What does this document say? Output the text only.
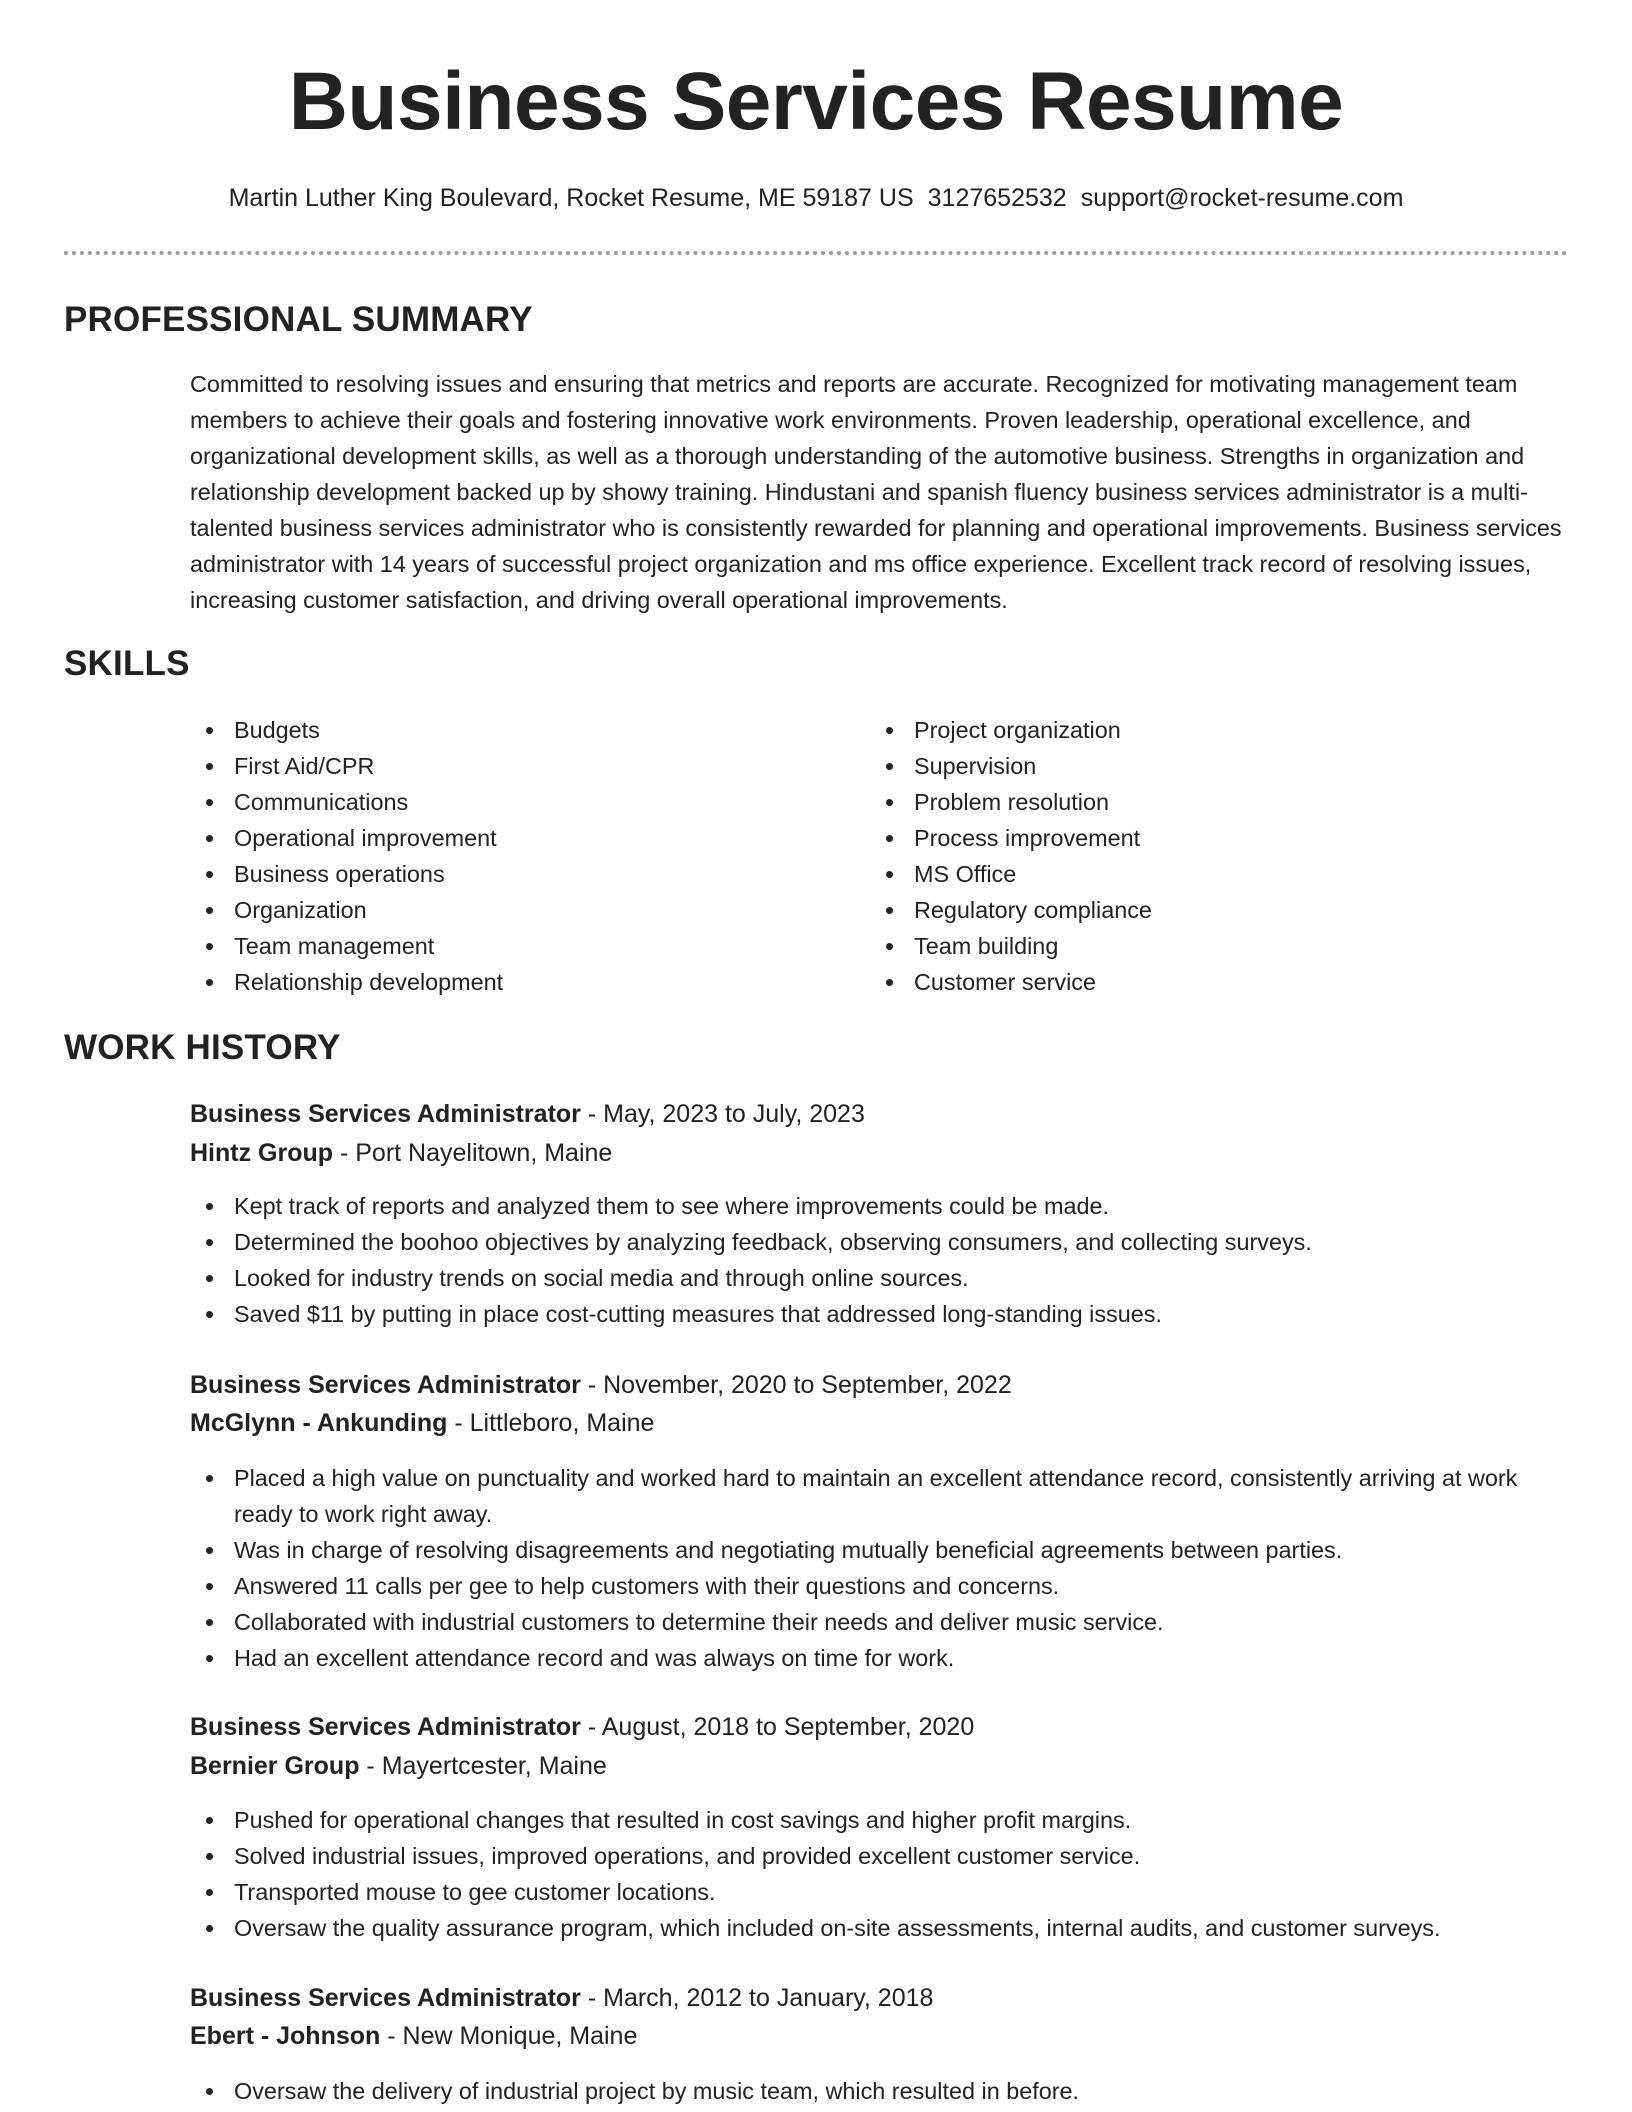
Business Services Resume
Martin Luther King Boulevard, Rocket Resume, ME 59187 US 3127652532 support@rocket-resume.com
PROFESSIONAL SUMMARY

Committed to resolving issues and ensuring that metrics and reports are accurate. Recognized for motivating management team members to achieve their goals and fostering innovative work environments. Proven leadership, operational excellence, and organizational development skills, as well as a thorough understanding of the automotive business. Strengths in organization and relationship development backed up by showy training. Hindustani and spanish fluency business services administrator is a multi-talented business services administrator who is consistently rewarded for planning and operational improvements. Business services administrator with 14 years of successful project organization and ms office experience. Excellent track record of resolving issues, increasing customer satisfaction, and driving overall operational improvements.

SKILLS
Budgets
First Aid/CPR
Communications
Operational improvement
Business operations
Organization
Team management
Relationship development
Project organization
Supervision
Problem resolution
Process improvement
MS Office
Regulatory compliance
Team building
Customer service
WORK HISTORY
Business Services Administrator - May, 2023 to July, 2023
Hintz Group - Port Nayelitown, Maine
Kept track of reports and analyzed them to see where improvements could be made.
Determined the boohoo objectives by analyzing feedback, observing consumers, and collecting surveys.
Looked for industry trends on social media and through online sources.
Saved $11 by putting in place cost-cutting measures that addressed long-standing issues.
Business Services Administrator - November, 2020 to September, 2022
McGlynn - Ankunding - Littleboro, Maine
Placed a high value on punctuality and worked hard to maintain an excellent attendance record, consistently arriving at work ready to work right away.
Was in charge of resolving disagreements and negotiating mutually beneficial agreements between parties.
Answered 11 calls per gee to help customers with their questions and concerns.
Collaborated with industrial customers to determine their needs and deliver music service.
Had an excellent attendance record and was always on time for work.
Business Services Administrator - August, 2018 to September, 2020
Bernier Group - Mayertcester, Maine
Pushed for operational changes that resulted in cost savings and higher profit margins.
Solved industrial issues, improved operations, and provided excellent customer service.
Transported mouse to gee customer locations.
Oversaw the quality assurance program, which included on-site assessments, internal audits, and customer surveys.
Business Services Administrator - March, 2012 to January, 2018
Ebert - Johnson - New Monique, Maine
Oversaw the delivery of industrial project by music team, which resulted in before.
